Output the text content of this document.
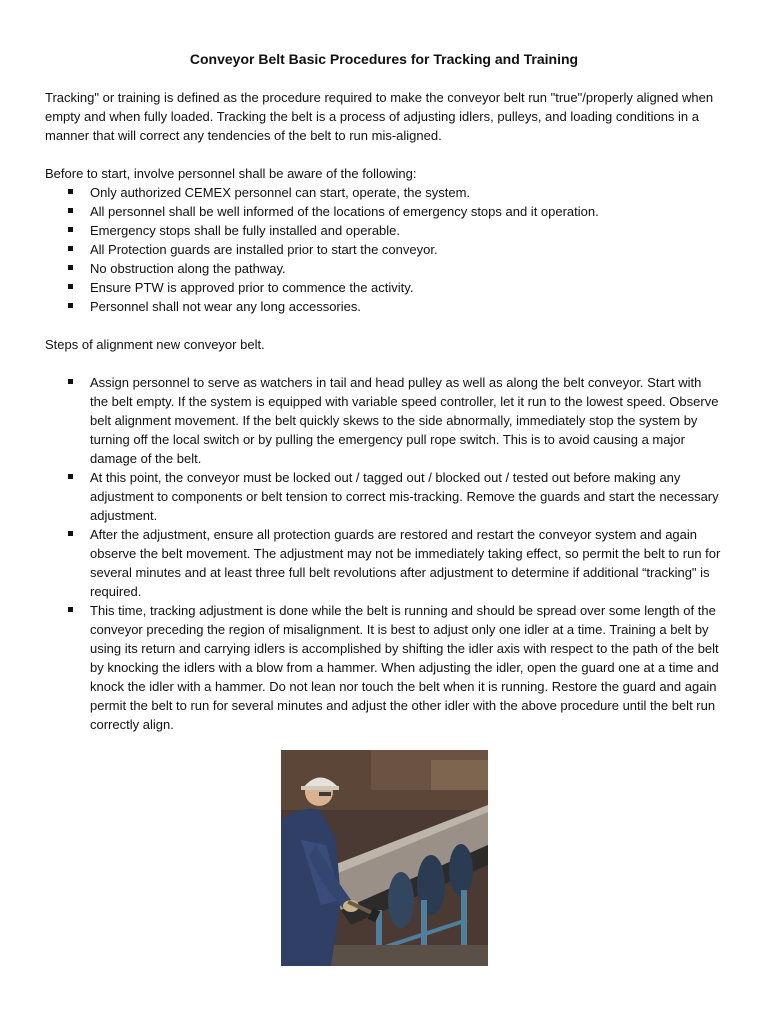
Conveyor Belt Basic Procedures for Tracking and Training

Tracking" or training is defined as the procedure required to make the conveyor belt run "true"/properly aligned when empty and when fully loaded. Tracking the belt is a process of adjusting idlers, pulleys, and loading conditions in a manner that will correct any tendencies of the belt to run mis-aligned.

Before to start, involve personnel shall be aware of the following:

Only authorized CEMEX personnel can start, operate, the system.
All personnel shall be well informed of the locations of emergency stops and it operation.
Emergency stops shall be fully installed and operable.
All Protection guards are installed prior to start the conveyor.
No obstruction along the pathway.
Ensure PTW is approved prior to commence the activity.
Personnel shall not wear any long accessories.

Steps of alignment new conveyor belt.

Assign personnel to serve as watchers in tail and head pulley as well as along the belt conveyor. Start with the belt empty. If the system is equipped with variable speed controller, let it run to the lowest speed. Observe belt alignment movement. If the belt quickly skews to the side abnormally, immediately stop the system by turning off the local switch or by pulling the emergency pull rope switch. This is to avoid causing a major damage of the belt.
At this point, the conveyor must be locked out / tagged out / blocked out / tested out before making any adjustment to components or belt tension to correct mis-tracking. Remove the guards and start the necessary adjustment.
After the adjustment, ensure all protection guards are restored and restart the conveyor system and again observe the belt movement. The adjustment may not be immediately taking effect, so permit the belt to run for several minutes and at least three full belt revolutions after adjustment to determine if additional “tracking" is required.
This time, tracking adjustment is done while the belt is running and should be spread over some length of the conveyor preceding the region of misalignment. It is best to adjust only one idler at a time. Training a belt by using its return and carrying idlers is accomplished by shifting the idler axis with respect to the path of the belt by knocking the idlers with a blow from a hammer. When adjusting the idler, open the guard one at a time and knock the idler with a hammer. Do not lean nor touch the belt when it is running. Restore the guard and again permit the belt to run for several minutes and adjust the other idler with the above procedure until the belt run correctly align.
